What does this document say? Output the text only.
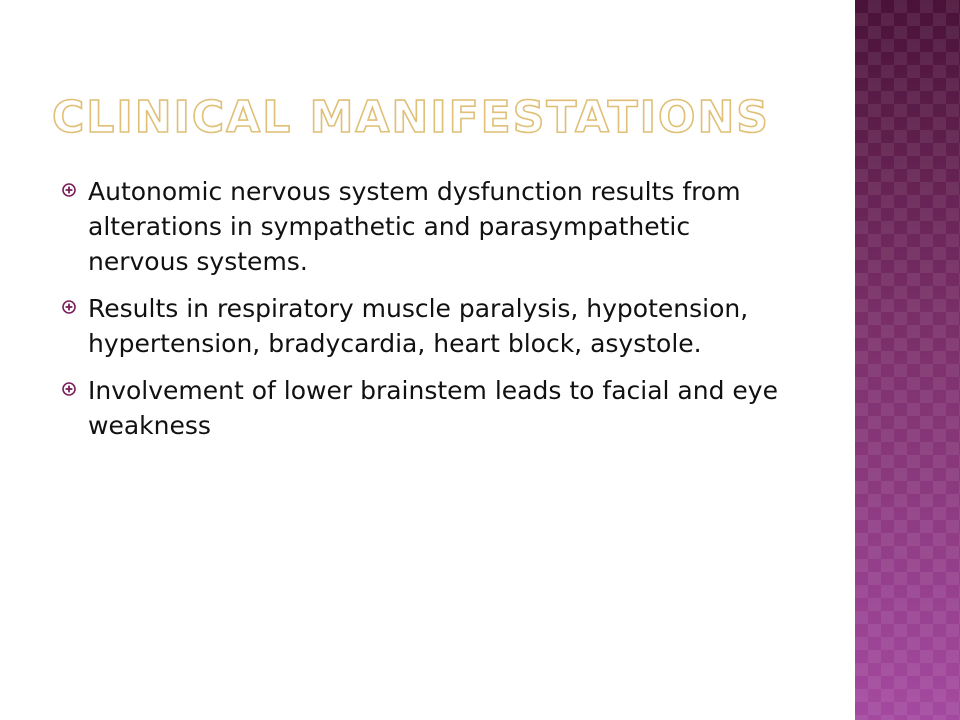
CLINICAL MANIFESTATIONS
Autonomic nervous system dysfunction results from alterations in sympathetic and parasympathetic nervous systems.
Results in respiratory muscle paralysis, hypotension, hypertension, bradycardia, heart block, asystole.
Involvement of lower brainstem leads to facial and eye weakness
